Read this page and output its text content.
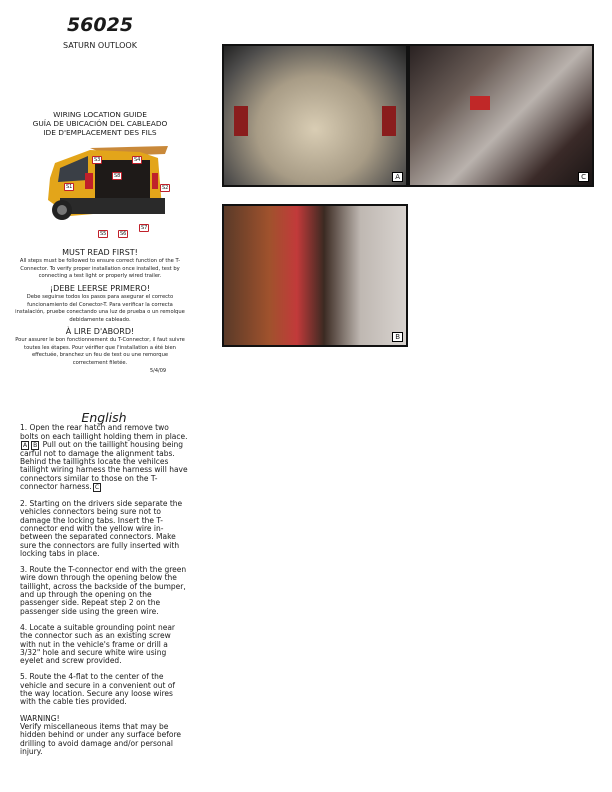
56025
SATURN OUTLOOK
WIRING LOCATION GUIDE
GUÍA DE UBICACIÓN DEL CABLEADO
IDE D'EMPLACEMENT DES FILS
S3	S4
S8
S1	S2
S5	S6
S7
MUST READ FIRST!
All steps must be followed to ensure correct function of the T-Connector. To verify proper installation once installed, test by connecting a test light or properly wired trailer.
¡DEBE LEERSE PRIMERO!
Debe seguirse todos los pasos para asegurar el correcto funcionamiento del Conector-T. Para verificar la correcta instalación, pruebe conectando una luz de prueba o un remolque debidamente cableado.
À LIRE D'ABORD!
Pour assurer le bon fonctionnement du T-Connector, il faut suivre toutes les étapes. Pour vérifier que l'installation a été bien effectuée, branchez un feu de test ou une remorque correctement filetée.
5/4/09
English

1. Open the rear hatch and remove two bolts on each taillight holding them in place.A B Pull out on the taillight housing being carful not to damage the alignment tabs. Behind the taillights locate the vehilces taillight wiring harness the harness will have connectors similar to those on the T-connector harness. C

2. Starting on the drivers side separate the vehicles connectors being sure not to damage the locking tabs. Insert the T-connector end with the yellow wire in-between the separated connectors. Make sure the connectors are fully inserted with locking tabs in place.

3. Route the T-connector end with the green wire down through the opening below the taillight, across the backside of the bumper, and up through the opening on the passenger side. Repeat step 2 on the passenger side using the green wire.

4. Locate a suitable grounding point near the connector such as an existing screw with nut in the vehicle's frame or drill a 3/32" hole and secure white wire using eyelet and screw provided.

5. Route the 4-flat to the center of the vehicle and secure in a convenient out of the way location. Secure any loose wires with the cable ties provided.

WARNING!
Verify miscellaneous items that may be hidden behind or under any surface before drilling to avoid damage and/or personal injury.
A	C
B
